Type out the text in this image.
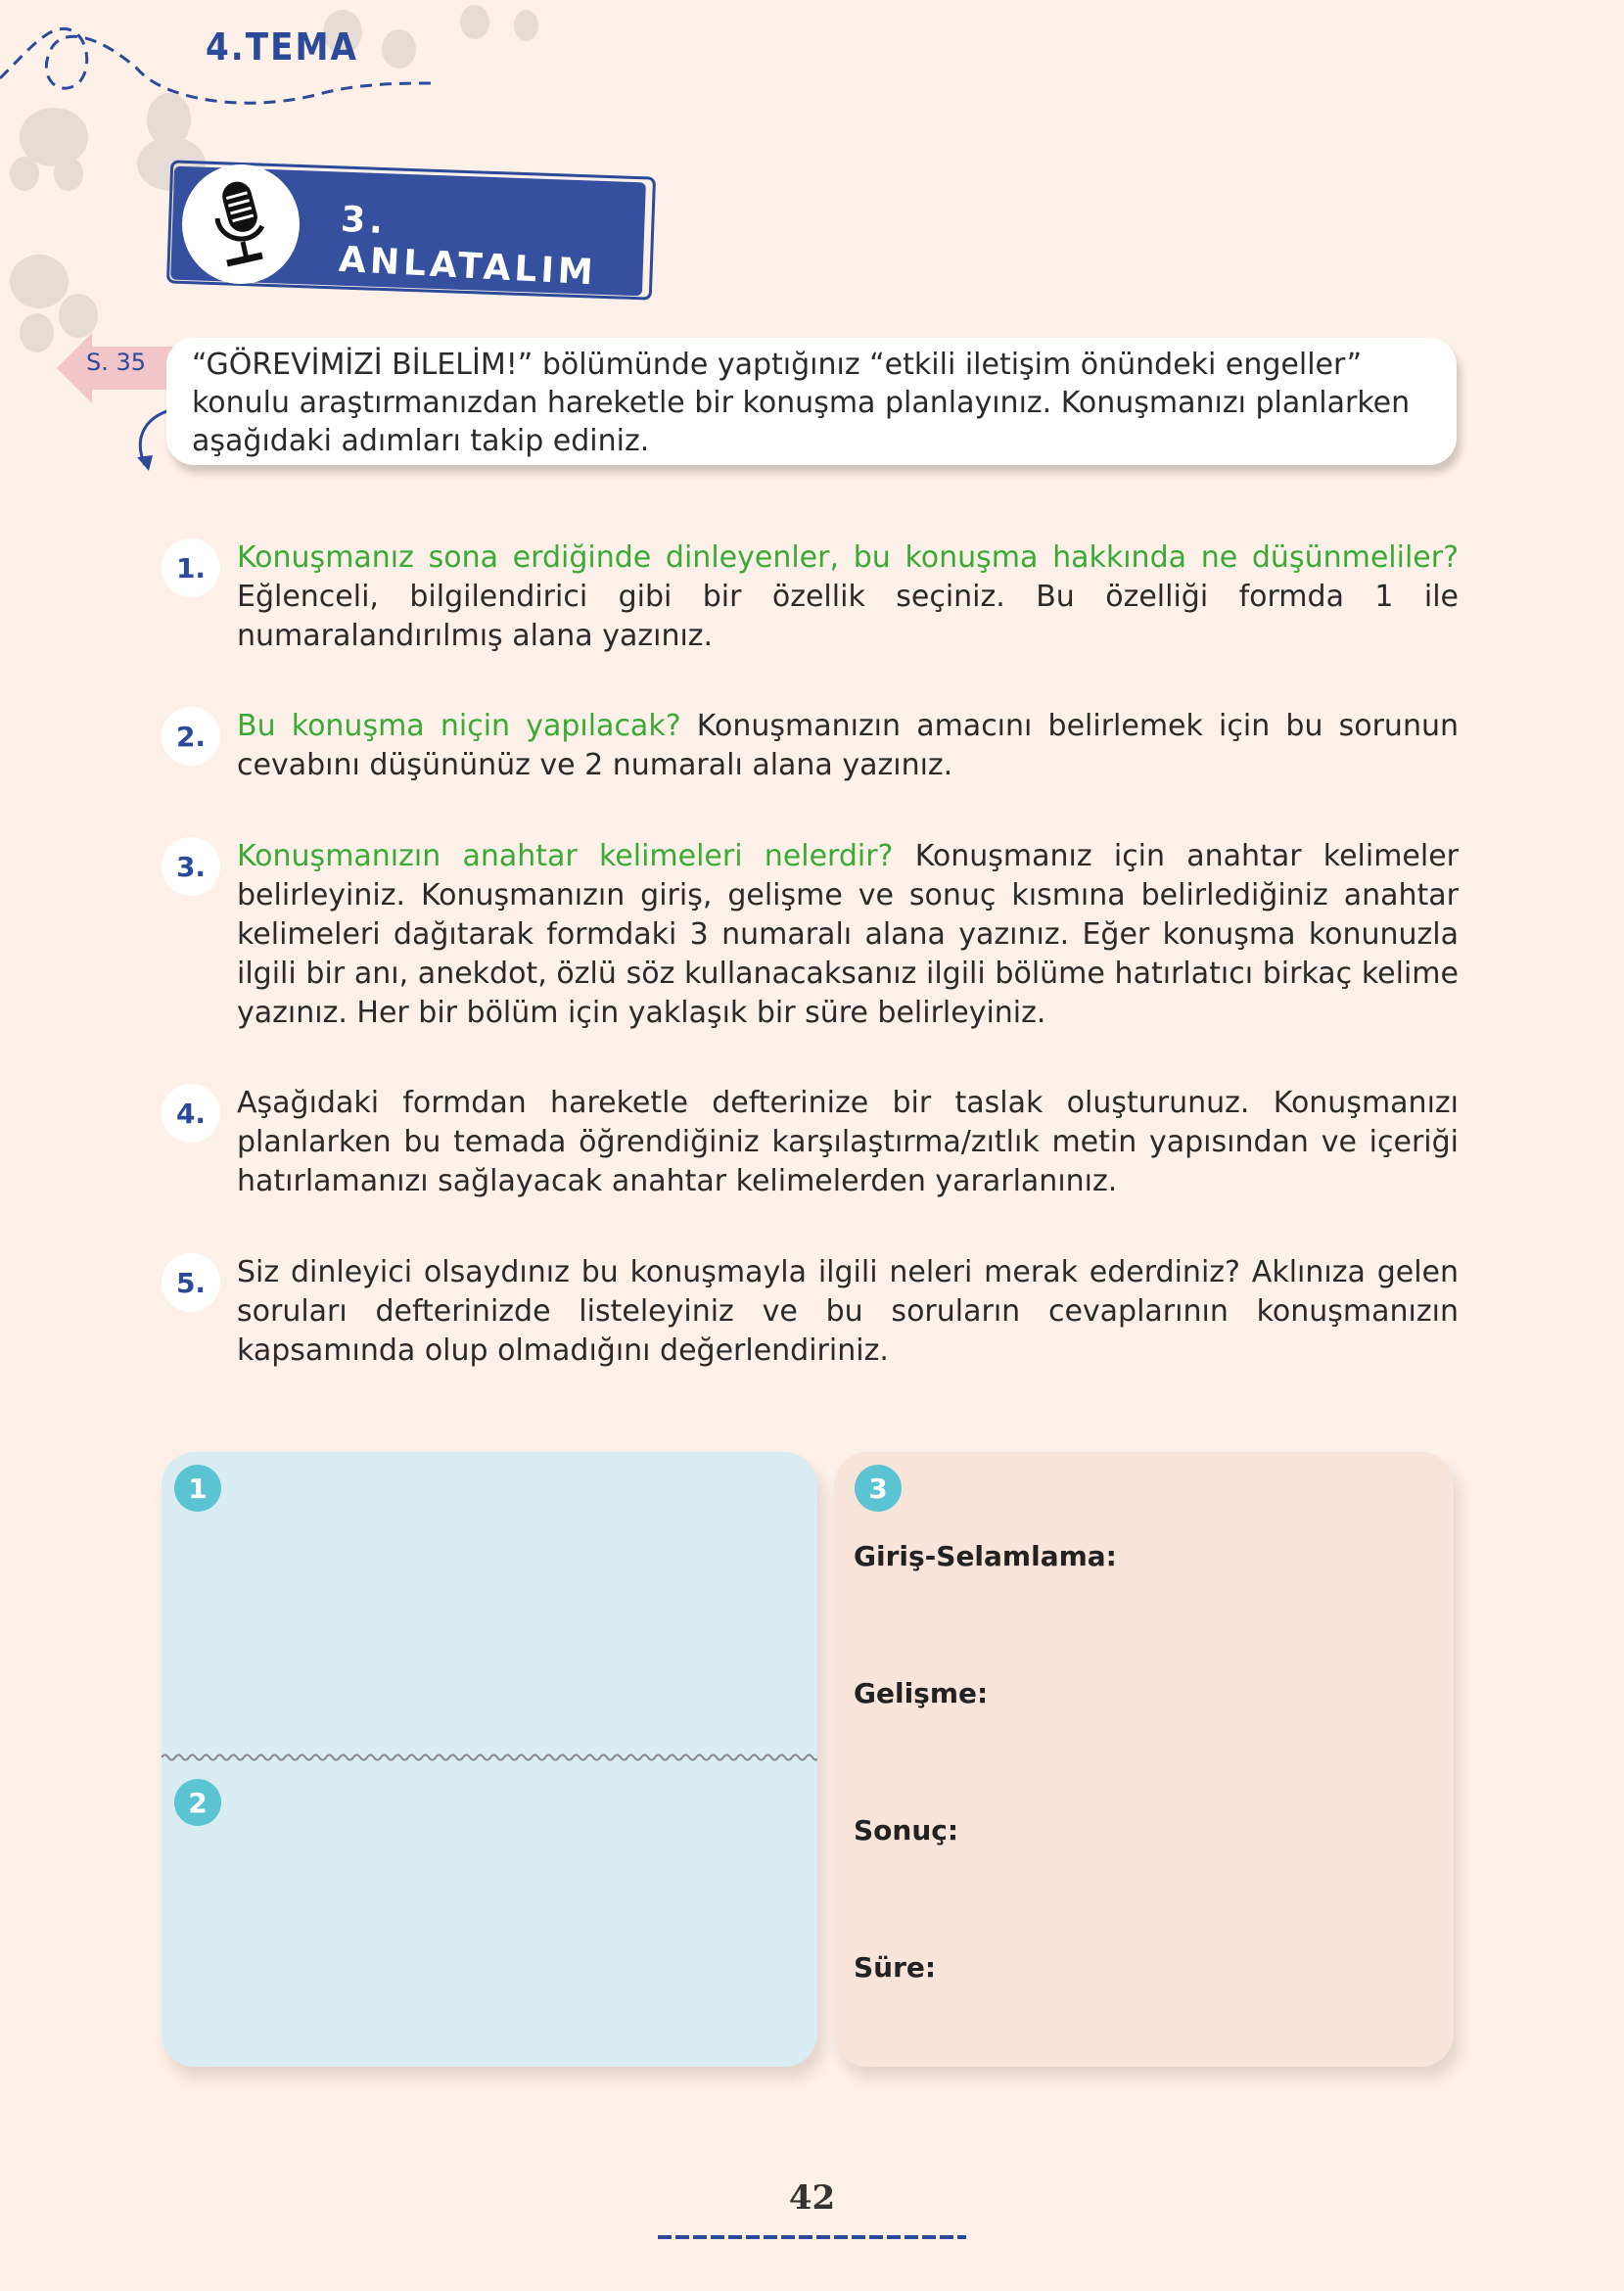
4.TEMA
3. ANLATALIM
S. 35 “GÖREVİMİZİ BİLELİM!” bölümünde yaptığınız “etkili iletişim önündeki engeller” konulu araştırmanızdan hareketle bir konuşma planlayınız. Konuşmanızı planlarken aşağıdaki adımları takip ediniz.
1.	Konuşmanız sona erdiğinde dinleyenler, bu konuşma hakkında ne düşünmeliler? Eğlenceli, bilgilendirici gibi bir özellik seçiniz. Bu özelliği formda 1 ile numaralandırılmış alana yazınız.
2.	Bu konuşma niçin yapılacak? Konuşmanızın amacını belirlemek için bu sorunun cevabını düşününüz ve 2 numaralı alana yazınız.
3.	Konuşmanızın anahtar kelimeleri nelerdir? Konuşmanız için anahtar kelimeler belirleyiniz. Konuşmanızın giriş, gelişme ve sonuç kısmına belirlediğiniz anahtar kelimeleri dağıtarak formdaki 3 numaralı alana yazınız. Eğer konuşma konunuzla ilgili bir anı, anekdot, özlü söz kullanacaksanız ilgili bölüme hatırlatıcı birkaç kelime yazınız. Her bir bölüm için yaklaşık bir süre belirleyiniz.
4.	Aşağıdaki formdan hareketle defterinize bir taslak oluşturunuz. Konuşmanızı planlarken bu temada öğrendiğiniz karşılaştırma/zıtlık metin yapısından ve içeriği hatırlamanızı sağlayacak anahtar kelimelerden yararlanınız.
5.	Siz dinleyici olsaydınız bu konuşmayla ilgili neleri merak ederdiniz? Aklınıza gelen soruları defterinizde listeleyiniz ve bu soruların cevaplarının konuşmanızın kapsamında olup olmadığını değerlendiriniz.
1
2
3
Giriş-Selamlama:
Gelişme:
Sonuç:
Süre:
42
